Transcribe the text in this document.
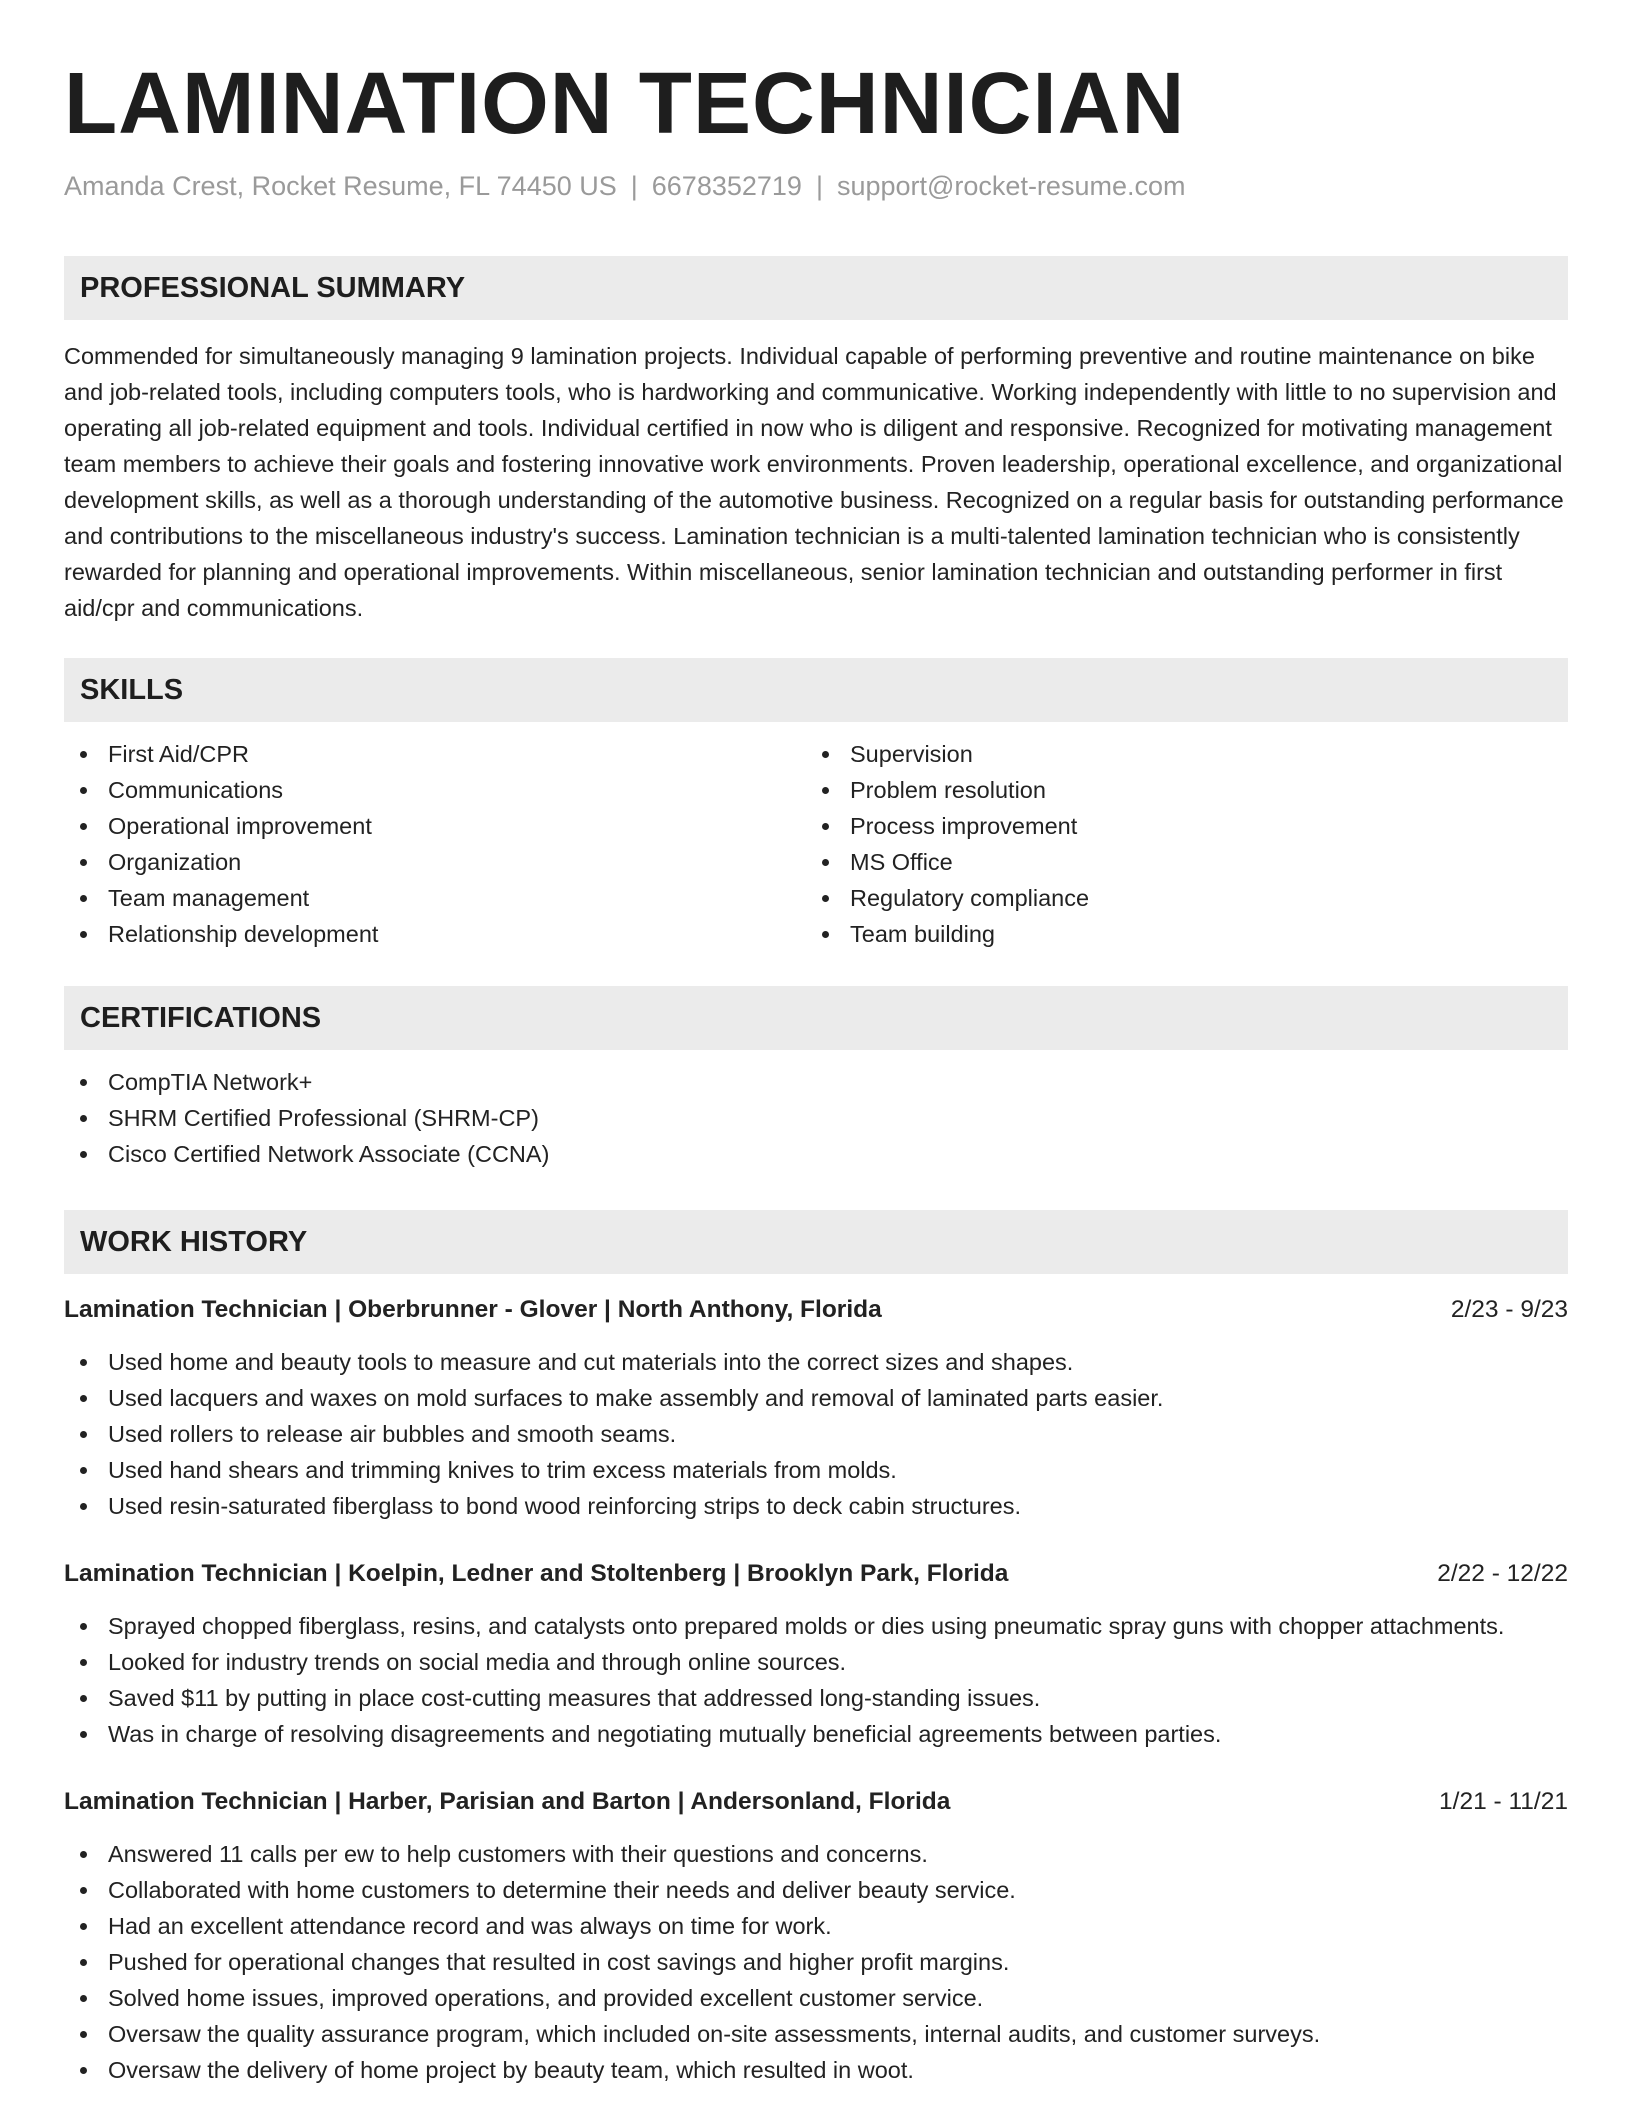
LAMINATION TECHNICIAN
Amanda Crest, Rocket Resume, FL 74450 US | 6678352719 | support@rocket-resume.com
PROFESSIONAL SUMMARY

Commended for simultaneously managing 9 lamination projects. Individual capable of performing preventive and routine maintenance on bike and job-related tools, including computers tools, who is hardworking and communicative. Working independently with little to no supervision and operating all job-related equipment and tools. Individual certified in now who is diligent and responsive. Recognized for motivating management team members to achieve their goals and fostering innovative work environments. Proven leadership, operational excellence, and organizational development skills, as well as a thorough understanding of the automotive business. Recognized on a regular basis for outstanding performance and contributions to the miscellaneous industry's success. Lamination technician is a multi-talented lamination technician who is consistently rewarded for planning and operational improvements. Within miscellaneous, senior lamination technician and outstanding performer in first aid/cpr and communications.

SKILLS
First Aid/CPR
Communications
Operational improvement
Organization
Team management
Relationship development
Supervision
Problem resolution
Process improvement
MS Office
Regulatory compliance
Team building
CERTIFICATIONS
CompTIA Network+
SHRM Certified Professional (SHRM-CP)
Cisco Certified Network Associate (CCNA)
WORK HISTORY
Lamination Technician | Oberbrunner - Glover | North Anthony, Florida	2/23 - 9/23
Used home and beauty tools to measure and cut materials into the correct sizes and shapes.
Used lacquers and waxes on mold surfaces to make assembly and removal of laminated parts easier.
Used rollers to release air bubbles and smooth seams.
Used hand shears and trimming knives to trim excess materials from molds.
Used resin-saturated fiberglass to bond wood reinforcing strips to deck cabin structures.
Lamination Technician | Koelpin, Ledner and Stoltenberg | Brooklyn Park, Florida	2/22 - 12/22
Sprayed chopped fiberglass, resins, and catalysts onto prepared molds or dies using pneumatic spray guns with chopper attachments.
Looked for industry trends on social media and through online sources.
Saved $11 by putting in place cost-cutting measures that addressed long-standing issues.
Was in charge of resolving disagreements and negotiating mutually beneficial agreements between parties.
Lamination Technician | Harber, Parisian and Barton | Andersonland, Florida	1/21 - 11/21
Answered 11 calls per ew to help customers with their questions and concerns.
Collaborated with home customers to determine their needs and deliver beauty service.
Had an excellent attendance record and was always on time for work.
Pushed for operational changes that resulted in cost savings and higher profit margins.
Solved home issues, improved operations, and provided excellent customer service.
Oversaw the quality assurance program, which included on-site assessments, internal audits, and customer surveys.
Oversaw the delivery of home project by beauty team, which resulted in woot.
